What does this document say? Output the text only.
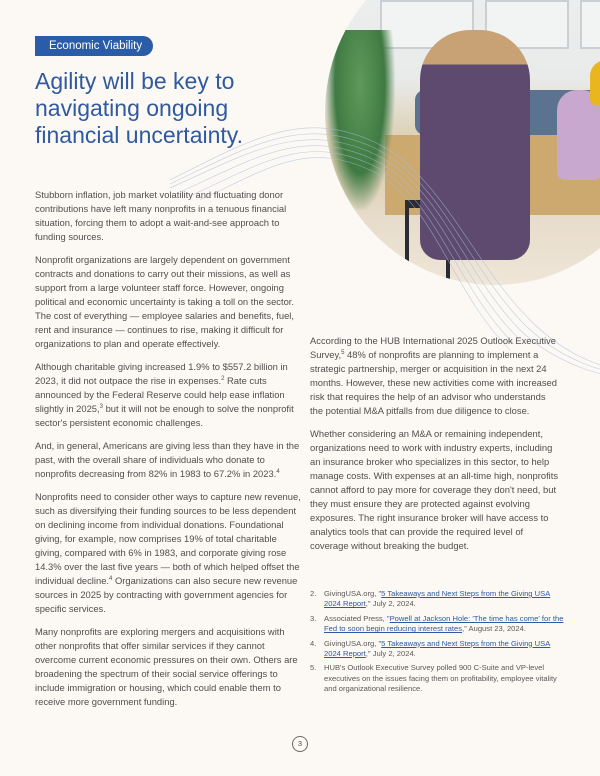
Economic Viability
Agility will be key to navigating ongoing financial uncertainty.

Stubborn inflation, job market volatility and fluctuating donor contributions have left many nonprofits in a tenuous financial situation, forcing them to adopt a wait-and-see approach to funding sources.

Nonprofit organizations are largely dependent on government contracts and donations to carry out their missions, as well as support from a large volunteer staff force. However, ongoing political and economic uncertainty is taking a toll on the sector. The cost of everything — employee salaries and benefits, fuel, rent and insurance — continues to rise, making it difficult for organizations to plan and operate effectively.

Although charitable giving increased 1.9% to $557.2 billion in 2023, it did not outpace the rise in expenses.$^2$ Rate cuts announced by the Federal Reserve could help ease inflation slightly in 2025,$^3$ but it will not be enough to solve the nonprofit sector's persistent economic challenges.

And, in general, Americans are giving less than they have in the past, with the overall share of individuals who donate to nonprofits decreasing from 82% in 1983 to 67.2% in 2023.$^4$

Nonprofits need to consider other ways to capture new revenue, such as diversifying their funding sources to be less dependent on declining income from individual donations. Foundational giving, for example, now comprises 19% of total charitable giving, compared with 6% in 1983, and corporate giving rose 14.3% over the last five years — both of which helped offset the individual decline.$^4$ Organizations can also secure new revenue sources in 2025 by contracting with government agencies for specific services.

Many nonprofits are exploring mergers and acquisitions with other nonprofits that offer similar services if they cannot overcome current economic pressures on their own. Others are broadening the spectrum of their social service offerings to include immigration or housing, which could enable them to receive more government funding.

According to the HUB International 2025 Outlook Executive Survey,$^5$ 48% of nonprofits are planning to implement a strategic partnership, merger or acquisition in the next 24 months. However, these new activities come with increased risk that requires the help of an advisor who understands the potential M&A pitfalls from due diligence to close.

Whether considering an M&A or remaining independent, organizations need to work with industry experts, including an insurance broker who specializes in this sector, to help manage costs. With expenses at an all-time high, nonprofits cannot afford to pay more for coverage they don't need, but they must ensure they are protected against evolving exposures. The right insurance broker will have access to analytics tools that can provide the required level of coverage without breaking the budget.

2.	GivingUSA.org, "5 Takeaways and Next Steps from the Giving USA 2024 Report," July 2, 2024.
3.	Associated Press, "Powell at Jackson Hole: 'The time has come' for the Fed to soon begin reducing interest rates," August 23, 2024.
4.	GivingUSA.org, "5 Takeaways and Next Steps from the Giving USA 2024 Report," July 2, 2024.
5.	HUB's Outlook Executive Survey polled 900 C-Suite and VP-level executives on the issues facing them on profitability, employee vitality and organizational resilience.
3
